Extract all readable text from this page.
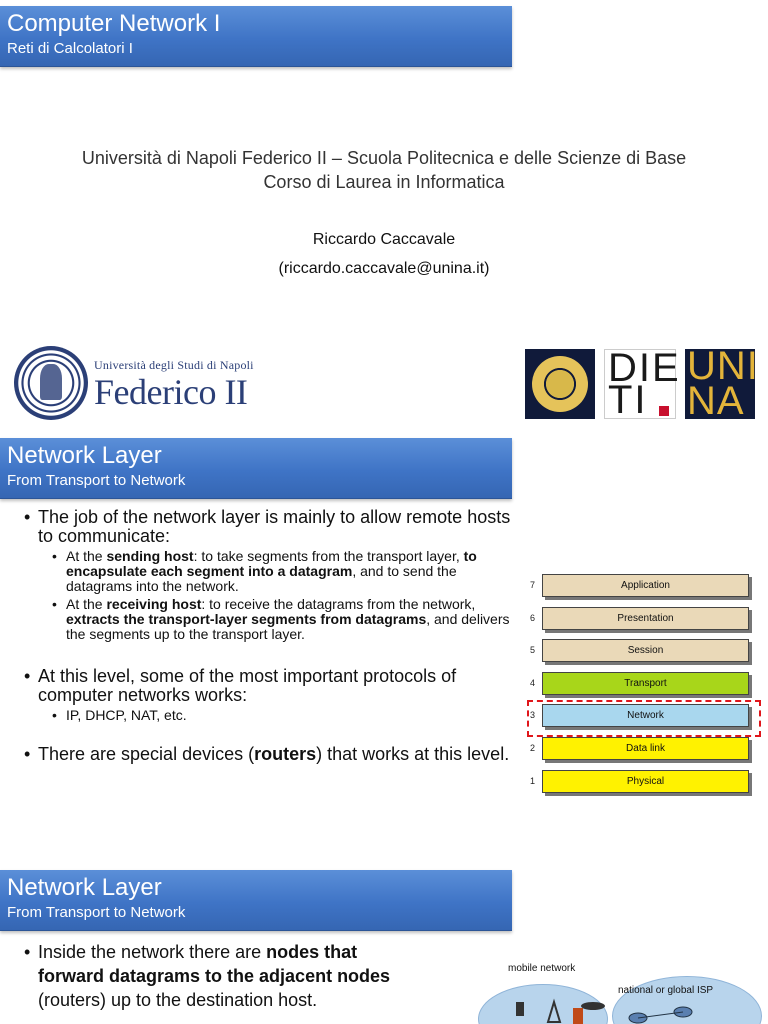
Computer Network I
Reti di Calcolatori I
Università di Napoli Federico II – Scuola Politecnica e delle Scienze di Base
Corso di Laurea in Informatica
Riccardo Caccavale
(riccardo.caccavale@unina.it)
Università degli Studi di Napoli
Federico II
DIE
TI
UNI
NA
Network Layer
From Transport to Network
• The job of the network layer is mainly to allow remote hosts to communicate:
• At the sending host: to take segments from the transport layer, to encapsulate each segment into a datagram, and to send the datagrams into the network.
• At the receiving host: to receive the datagrams from the network, extracts the transport-layer segments from datagrams, and delivers the segments up to the transport layer.
• At this level, some of the most important protocols of computer networks works:
• IP, DHCP, NAT, etc.
• There are special devices (routers) that works at this level.
7	Application
6	Presentation
5	Session
4	Transport
3	Network
2	Data link
1	Physical
Network Layer
From Transport to Network
mobile network
national or global ISP
• Inside the network there are nodes that forward datagrams to the adjacent nodes (routers) up to the destination host.
